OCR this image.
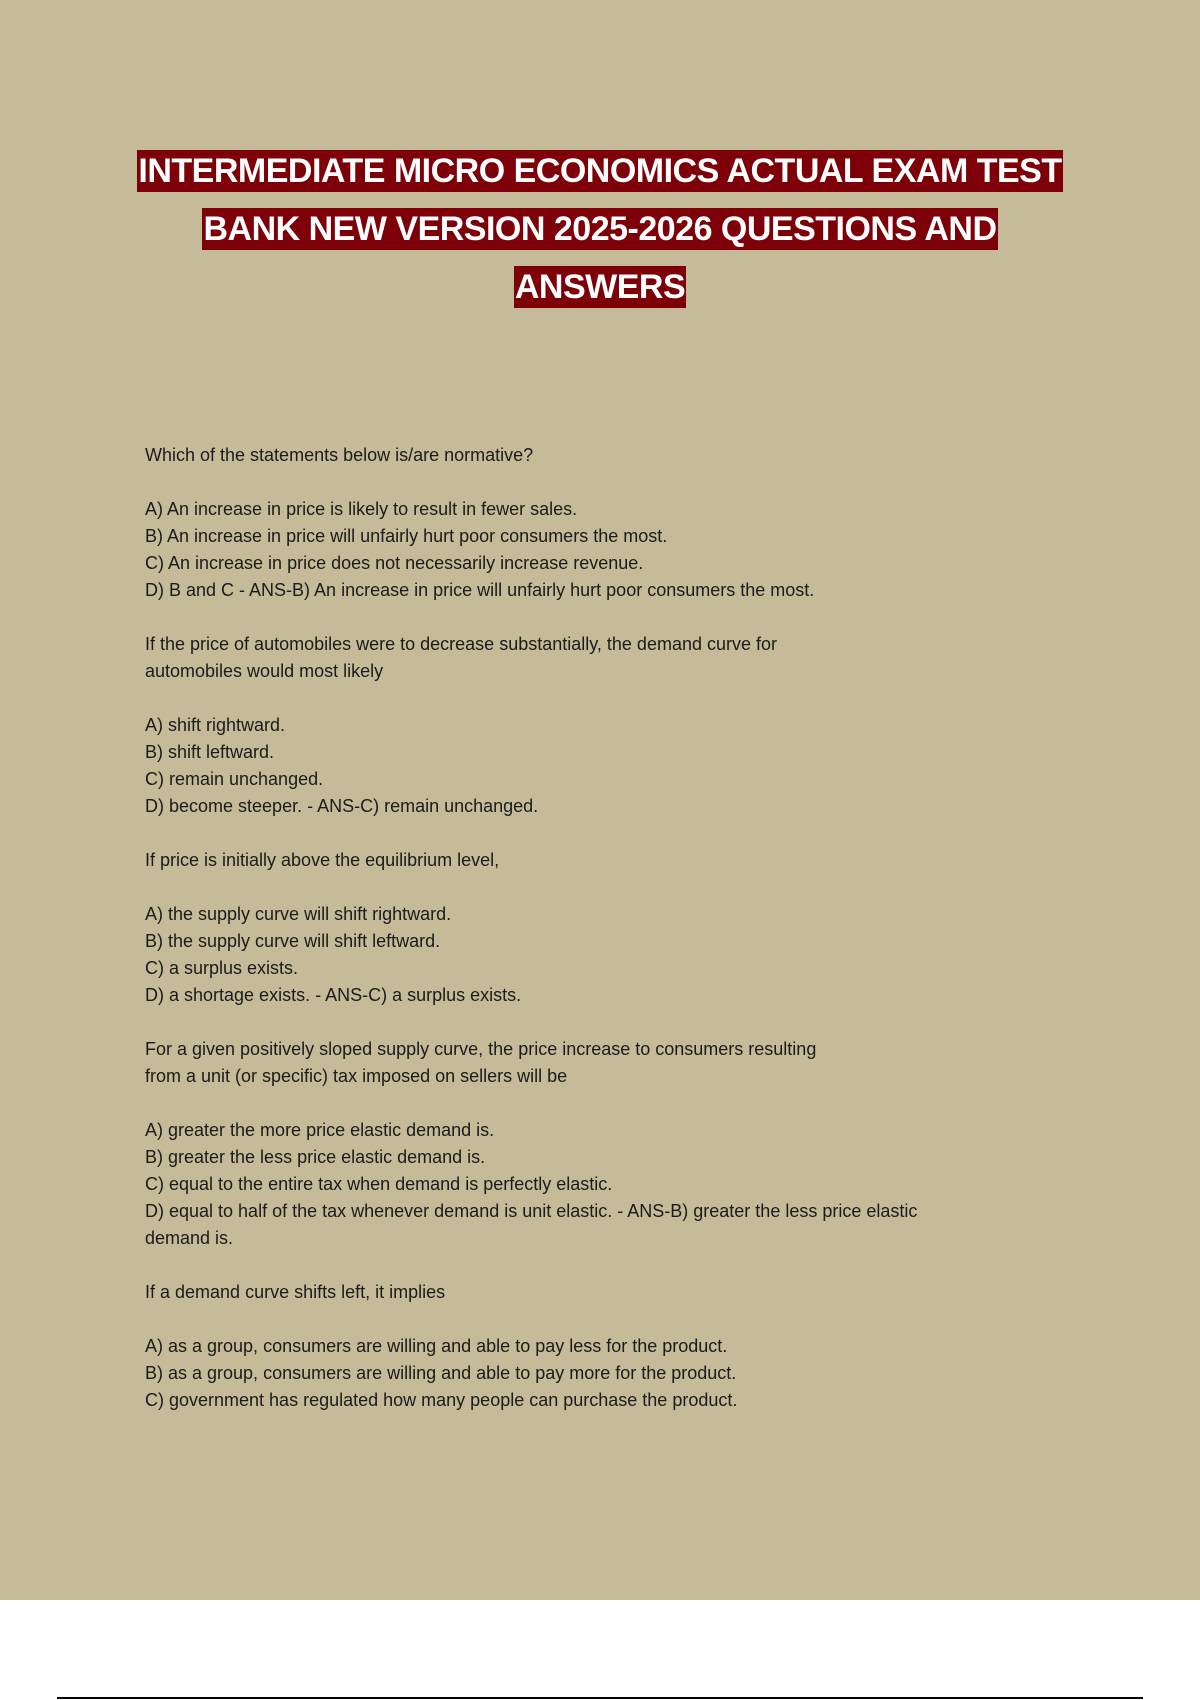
INTERMEDIATE MICRO ECONOMICS ACTUAL EXAM TEST
BANK NEW VERSION 2025-2026 QUESTIONS AND
ANSWERS
Which of the statements below is/are normative?
A) An increase in price is likely to result in fewer sales.
B) An increase in price will unfairly hurt poor consumers the most.
C) An increase in price does not necessarily increase revenue.
D) B and C - ANS-B) An increase in price will unfairly hurt poor consumers the most.
If the price of automobiles were to decrease substantially, the demand curve for
automobiles would most likely
A) shift rightward.
B) shift leftward.
C) remain unchanged.
D) become steeper. - ANS-C) remain unchanged.
If price is initially above the equilibrium level,
A) the supply curve will shift rightward.
B) the supply curve will shift leftward.
C) a surplus exists.
D) a shortage exists. - ANS-C) a surplus exists.
For a given positively sloped supply curve, the price increase to consumers resulting
from a unit (or specific) tax imposed on sellers will be
A) greater the more price elastic demand is.
B) greater the less price elastic demand is.
C) equal to the entire tax when demand is perfectly elastic.
D) equal to half of the tax whenever demand is unit elastic. - ANS-B) greater the less price elastic
demand is.
If a demand curve shifts left, it implies
A) as a group, consumers are willing and able to pay less for the product.
B) as a group, consumers are willing and able to pay more for the product.
C) government has regulated how many people can purchase the product.
